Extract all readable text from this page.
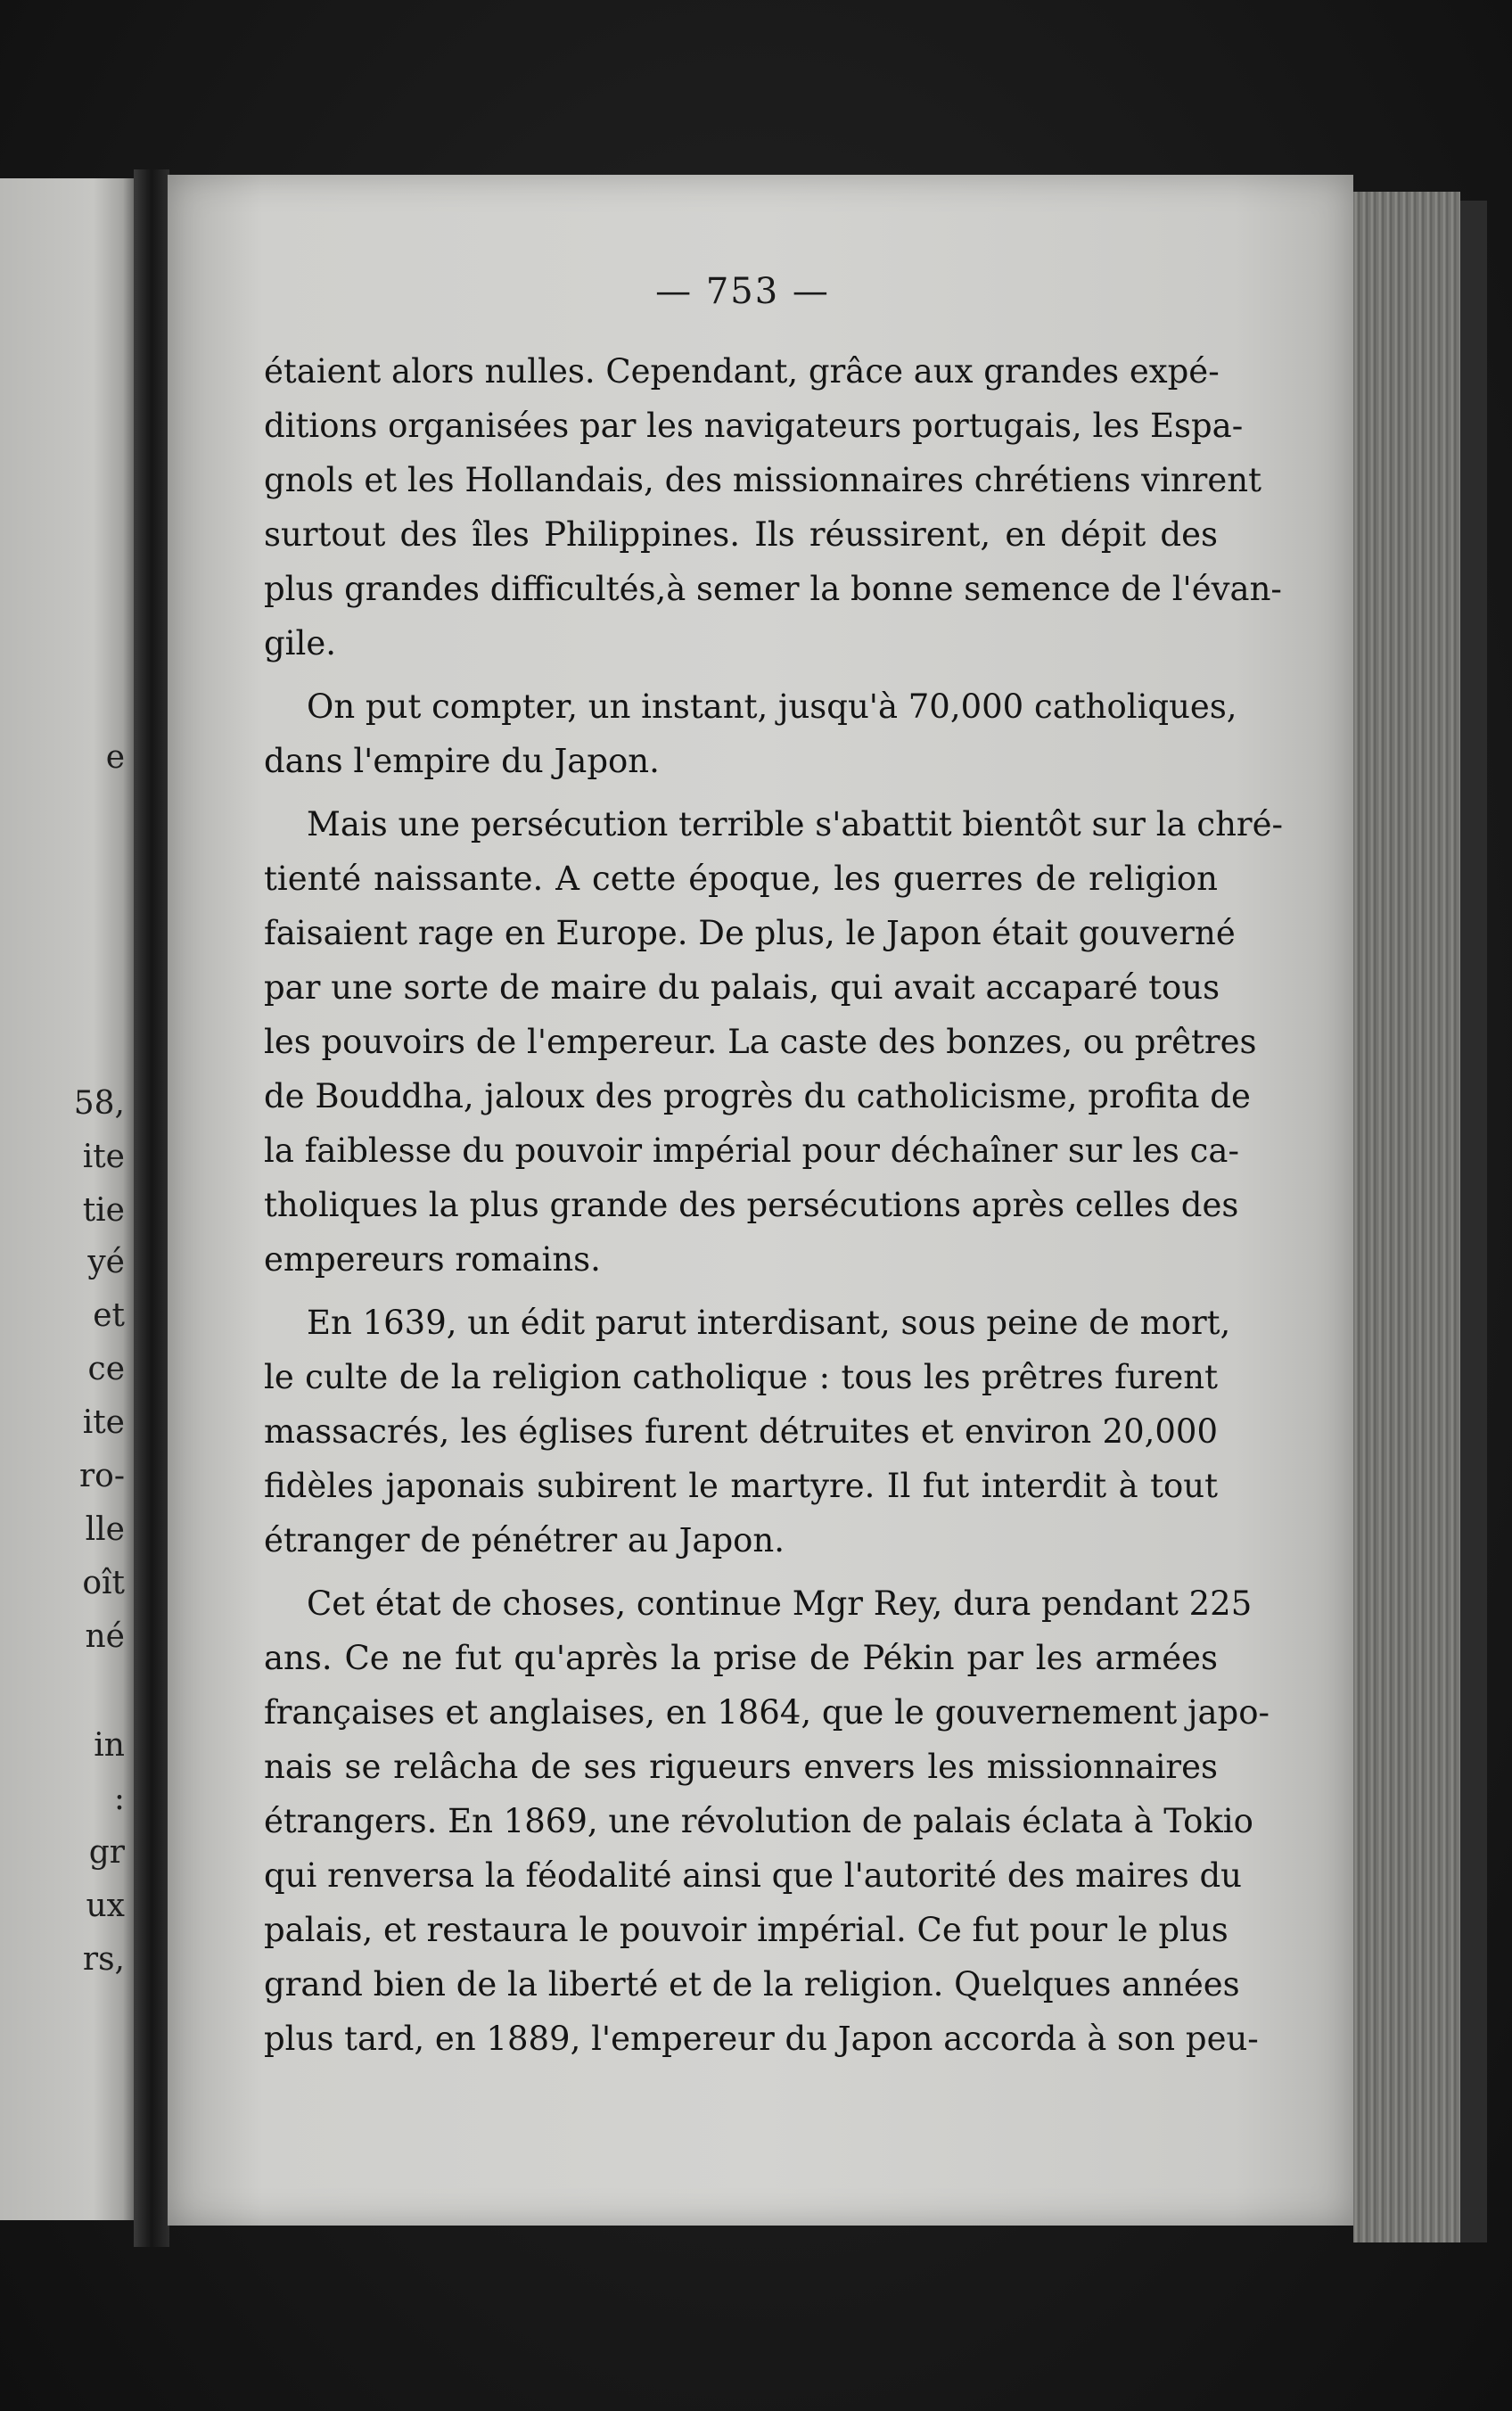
e
58,
ite
tie
yé
et
ce
ite
ro-
lle
oît
né
in
:
gr
ux
rs,
— 753 —
étaient alors nulles. Cependant, grâce aux grandes expé-
ditions organisées par les navigateurs portugais, les Espa-
gnols et les Hollandais, des missionnaires chrétiens vinrent
surtout des îles Philippines. Ils réussirent, en dépit des
plus grandes difficultés,à semer la bonne semence de l'évan-
gile.
On put compter, un instant, jusqu'à 70,000 catholiques,
dans l'empire du Japon.
Mais une persécution terrible s'abattit bientôt sur la chré-
tienté naissante. A cette époque, les guerres de religion
faisaient rage en Europe. De plus, le Japon était gouverné
par une sorte de maire du palais, qui avait accaparé tous
les pouvoirs de l'empereur. La caste des bonzes, ou prêtres
de Bouddha, jaloux des progrès du catholicisme, profita de
la faiblesse du pouvoir impérial pour déchaîner sur les ca-
tholiques la plus grande des persécutions après celles des
empereurs romains.
En 1639, un édit parut interdisant, sous peine de mort,
le culte de la religion catholique : tous les prêtres furent
massacrés, les églises furent détruites et environ 20,000
fidèles japonais subirent le martyre. Il fut interdit à tout
étranger de pénétrer au Japon.
Cet état de choses, continue Mgr Rey, dura pendant 225
ans. Ce ne fut qu'après la prise de Pékin par les armées
françaises et anglaises, en 1864, que le gouvernement japo-
nais se relâcha de ses rigueurs envers les missionnaires
étrangers. En 1869, une révolution de palais éclata à Tokio
qui renversa la féodalité ainsi que l'autorité des maires du
palais, et restaura le pouvoir impérial. Ce fut pour le plus
grand bien de la liberté et de la religion. Quelques années
plus tard, en 1889, l'empereur du Japon accorda à son peu-
